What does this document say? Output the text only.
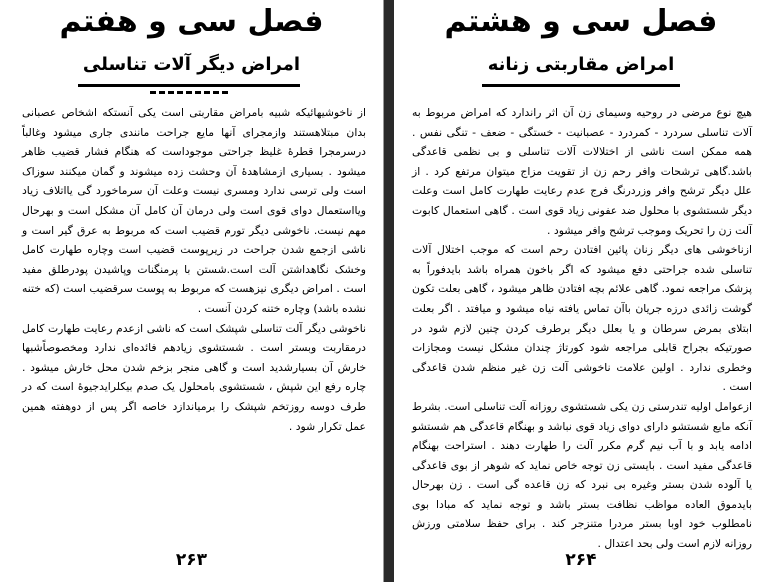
فصل سی و هفتم
امراض دیگر آلات تناسلی

از ناخوشیهائیکه شبیه بامراض مقاربتی است یکی آنستکه اشخاص عصبانی بدان مبتلاهستند وازمجرای آنها مایع جراحت مانندی جاری میشود وغالباً درسرمجرا قطرهٔ غلیظ جراحتی موجوداست که هنگام فشار قضیب ظاهر میشود . بسیاری ازمشاهدهٔ آن وحشت زده میشوند و گمان میکنند سوزاک است ولی ترسی ندارد ومسری نیست وعلت آن سرماخورد گی یااتلاف زیاد ویااستعمال دوای قوی است ولی درمان آن کامل آن مشکل است و بهرحال مهم نیست. ناخوشی دیگر تورم قضیب است که مربوط به عرق گیر است و ناشی ازجمع شدن جراحت در زیرپوست قضیب است وچاره طهارت کامل وخشک نگاهداشتن آلت است.شستن با پرمنگنات وپاشیدن پودرطلق مفید است . امراض دیگری نیزهست که مربوط به پوست سرقضیب است (که ختنه نشده باشد) وچاره ختنه کردن آنست .

ناخوشی دیگر آلت تناسلی شپشک است که ناشی ازعدم رعایت طهارت کامل درمقاربت وبستر است . شستشوی زیادهم فائده‌ای ندارد ومخصوصاًشبها خارش آن بسیارشدید است و گاهی منجر بزخم شدن محل خارش میشود . چاره رفع این شپش ، شستشوی بامحلول یک صدم بیکلرایدجیوهٔ است که در طرف دوسه روزتخم شپشک را برمیاندازد خاصه اگر پس از دوهفته همین عمل تکرار شود .

۲۶۳
فصل سی و هشتم
امراض مقاربتی زنانه

هیچ نوع مرضی در روحیه وسیمای زن آن اثر راندارد که امراض مربوط به آلات تناسلی سردرد - کمردرد - عصبانیت - خستگی - ضعف - تنگی نفس . همه ممکن است ناشی از اختلالات آلات تناسلی و بی نظمی قاعدگی باشد.گاهی ترشحات وافر رحم زن از تقویت مزاج میتوان مرتفع کرد . از علل دیگر ترشح وافر وزردرنگ فرج عدم رعایت طهارت کامل است وعلت دیگر شستشوی با محلول ضد عفونی زیاد قوی است . گاهی استعمال کابوت آلت زن را تحریک وموجب ترشح وافر میشود .

ازناخوشی های دیگر زنان پائین افتادن رحم است که موجب اختلال آلات تناسلی شده جراحتی دفع میشود که اگر باخون همراه باشد بایدفوراً به پزشک مراجعه نمود. گاهی علائم بچه افتادن ظاهر میشود ، گاهی بعلت تکون گوشت زائدی درزه جریان باآن تماس یافته نیاه میشود و میافتد . اگر بعلت ابتلای بمرض سرطان و یا بعلل دیگر برطرف کردن چنین لازم شود در صورتیکه بجراح قابلی مراجعه شود کورتاژ چندان مشکل نیست ومجازات وخطری ندارد . اولین علامت ناخوشی آلت زن غیر منظم شدن قاعدگی است .

ازعوامل اولیه تندرستی زن یکی شستشوی روزانه آلت تناسلی است. بشرط آنکه مایع شستشو دارای دوای زیاد قوی نباشد و بهنگام قاعدگی هم شستشو ادامه یابد و با آب نیم گرم مکرر آلت را طهارت دهند . استراحت بهنگام قاعدگی مفید است . بایستی زن توجه خاص نماید که شوهر از بوی قاعدگی یا آلوده شدن بستر وغیره بی نبرد که زن قاعده گی است . زن بهرحال بایدموق العاده مواظب نظافت بستر باشد و توجه نماید که مبادا بوی نامطلوب خود اوبا بستر مردرا متنزجر کند . برای حفظ سلامتی ورزش روزانه لازم است ولی بحد اعتدال .

۲۶۴
